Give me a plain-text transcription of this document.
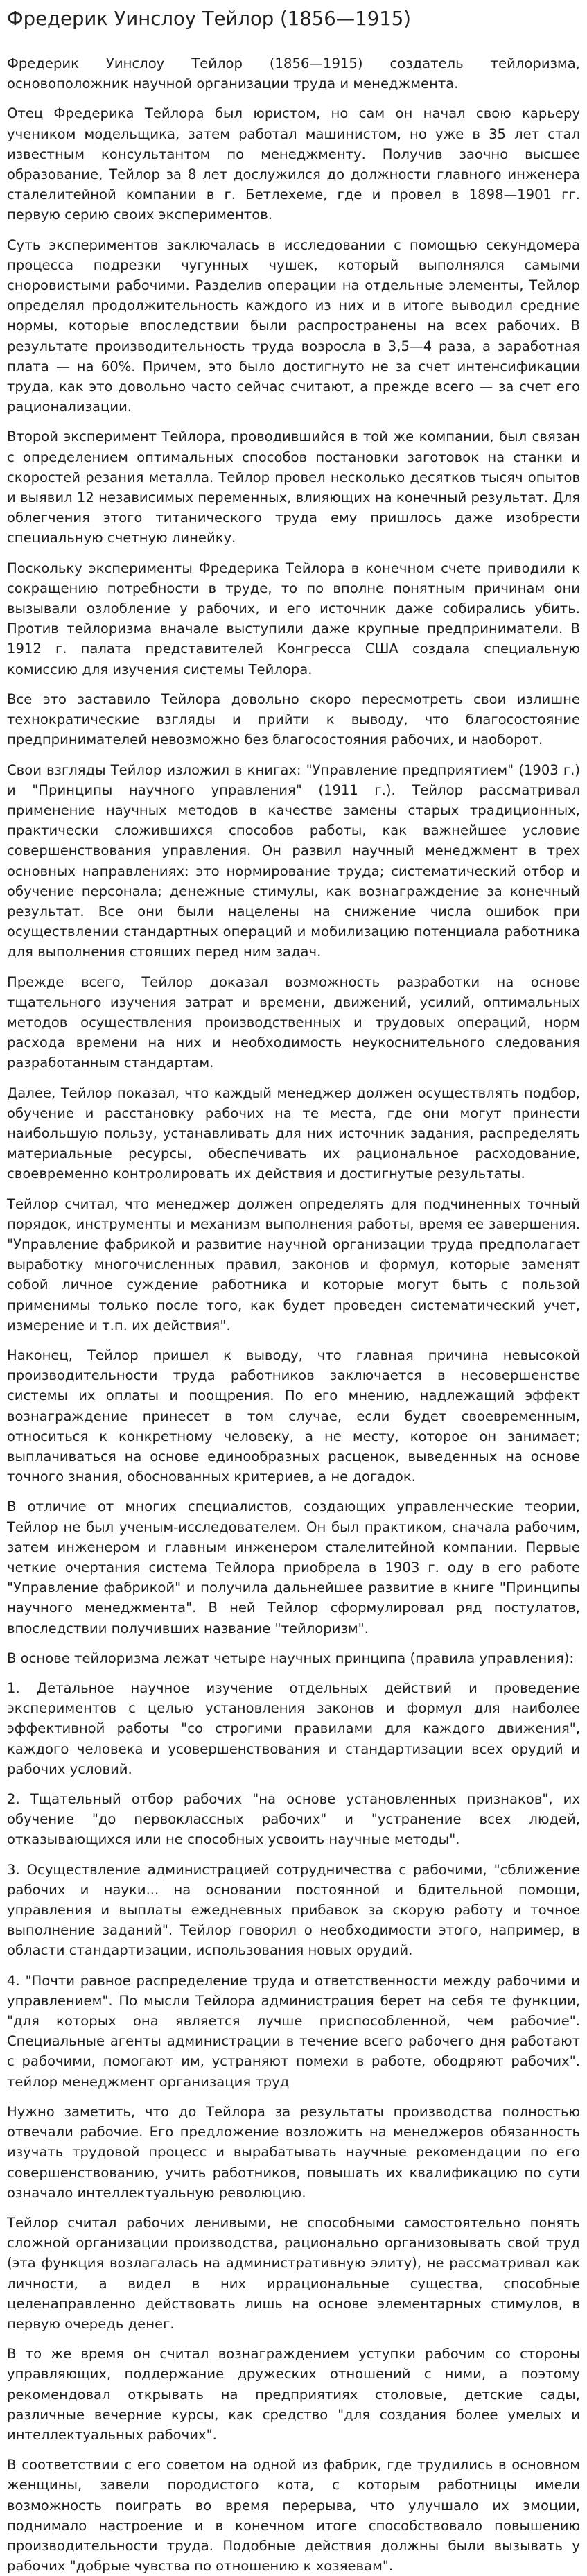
Фредерик Уинслоу Тейлор (1856—1915)

Фредерик Уинслоу Тейлор (1856—1915) создатель тейлоризма, основоположник научной организации труда и менеджмента.

Отец Фредерика Тейлора был юристом, но сам он начал свою карьеру учеником модельщика, затем работал машинистом, но уже в 35 лет стал известным консультантом по менеджменту. Получив заочно высшее образование, Тейлор за 8 лет дослужился до должности главного инженера сталелитейной компании в г. Бетлехеме, где и провел в 1898—1901 гг. первую серию своих экспериментов.

Суть экспериментов заключалась в исследовании с помощью секундомера процесса подрезки чугунных чушек, который выполнялся самыми сноровистыми рабочими. Разделив операции на отдельные элементы, Тейлор определял продолжительность каждого из них и в итоге выводил средние нормы, которые впоследствии были распространены на всех рабочих. В результате производительность труда возросла в 3,5—4 раза, а заработная плата — на 60%. Причем, это было достигнуто не за счет интенсификации труда, как это довольно часто сейчас считают, а прежде всего — за счет его рационализации.

Второй эксперимент Тейлора, проводившийся в той же компании, был связан с определением оптимальных способов постановки заготовок на станки и скоростей резания металла. Тейлор провел несколько десятков тысяч опытов и выявил 12 независимых переменных, влияющих на конечный результат. Для облегчения этого титанического труда ему пришлось даже изобрести специальную счетную линейку.

Поскольку эксперименты Фредерика Тейлора в конечном счете приводили к сокращению потребности в труде, то по вполне понятным причинам они вызывали озлобление у рабочих, и его источник даже собирались убить. Против тейлоризма вначале выступили даже крупные предприниматели. В 1912 г. палата представителей Конгресса США создала специальную комиссию для изучения системы Тейлора.

Все это заставило Тейлора довольно скоро пересмотреть свои излишне технократические взгляды и прийти к выводу, что благосостояние предпринимателей невозможно без благосостояния рабочих, и наоборот.

Свои взгляды Тейлор изложил в книгах: "Управление предприятием" (1903 г.) и "Принципы научного управления" (1911 г.). Тейлор рассматривал применение научных методов в качестве замены старых традиционных, практически сложившихся способов работы, как важнейшее условие совершенствования управления. Он развил научный менеджмент в трех основных направлениях: это нормирование труда; систематический отбор и обучение персонала; денежные стимулы, как вознаграждение за конечный результат. Все они были нацелены на снижение числа ошибок при осуществлении стандартных операций и мобилизацию потенциала работника для выполнения стоящих перед ним задач.

Прежде всего, Тейлор доказал возможность разработки на основе тщательного изучения затрат и времени, движений, усилий, оптимальных методов осуществления производственных и трудовых операций, норм расхода времени на них и необходимость неукоснительного следования разработанным стандартам.

Далее, Тейлор показал, что каждый менеджер должен осуществлять подбор, обучение и расстановку рабочих на те места, где они могут принести наибольшую пользу, устанавливать для них источник задания, распределять материальные ресурсы, обеспечивать их рациональное расходование, своевременно контролировать их действия и достигнутые результаты.

Тейлор считал, что менеджер должен определять для подчиненных точный порядок, инструменты и механизм выполнения работы, время ее завершения. "Управление фабрикой и развитие научной организации труда предполагает выработку многочисленных правил, законов и формул, которые заменят собой личное суждение работника и которые могут быть с пользой применимы только после того, как будет проведен систематический учет, измерение и т.п. их действия".

Наконец, Тейлор пришел к выводу, что главная причина невысокой производительности труда работников заключается в несовершенстве системы их оплаты и поощрения. По его мнению, надлежащий эффект вознаграждение принесет в том случае, если будет своевременным, относиться к конкретному человеку, а не месту, которое он занимает; выплачиваться на основе единообразных расценок, выведенных на основе точного знания, обоснованных критериев, а не догадок.

В отличие от многих специалистов, создающих управленческие теории, Тейлор не был ученым-исследователем. Он был практиком, сначала рабочим, затем инженером и главным инженером сталелитейной компании. Первые четкие очертания система Тейлора приобрела в 1903 г. оду в его работе "Управление фабрикой" и получила дальнейшее развитие в книге "Принципы научного менеджмента". В ней Тейлор сформулировал ряд постулатов, впоследствии получивших название "тейлоризм".

В основе тейлоризма лежат четыре научных принципа (правила управления):

1. Детальное научное изучение отдельных действий и проведение экспериментов с целью установления законов и формул для наиболее эффективной работы "со строгими правилами для каждого движения", каждого человека и усовершенствования и стандартизации всех орудий и рабочих условий.

2. Тщательный отбор рабочих "на основе установленных признаков", их обучение "до первоклассных рабочих" и "устранение всех людей, отказывающихся или не способных усвоить научные методы".

3. Осуществление администрацией сотрудничества с рабочими, "сближение рабочих и науки... на основании постоянной и бдительной помощи, управления и выплаты ежедневных прибавок за скорую работу и точное выполнение заданий". Тейлор говорил о необходимости этого, например, в области стандартизации, использования новых орудий.

4. "Почти равное распределение труда и ответственности между рабочими и управлением". По мысли Тейлора администрация берет на себя те функции, "для которых она является лучше приспособленной, чем рабочие". Специальные агенты администрации в течение всего рабочего дня работают с рабочими, помогают им, устраняют помехи в работе, ободряют рабочих". тейлор менеджмент организация труд

Нужно заметить, что до Тейлора за результаты производства полностью отвечали рабочие. Его предложение возложить на менеджеров обязанность изучать трудовой процесс и вырабатывать научные рекомендации по его совершенствованию, учить работников, повышать их квалификацию по сути означало интеллектуальную революцию.

Тейлор считал рабочих ленивыми, не способными самостоятельно понять сложной организации производства, рационально организовывать свой труд (эта функция возлагалась на административную элиту), не рассматривал как личности, а видел в них иррациональные существа, способные целенаправленно действовать лишь на основе элементарных стимулов, в первую очередь денег.

В то же время он считал вознаграждением уступки рабочим со стороны управляющих, поддержание дружеских отношений с ними, а поэтому рекомендовал открывать на предприятиях столовые, детские сады, различные вечерние курсы, как средство "для создания более умелых и интеллектуальных рабочих".

В соответствии с его советом на одной из фабрик, где трудились в основном женщины, завели породистого кота, с которым работницы имели возможность поиграть во время перерыва, что улучшало их эмоции, поднимало настроение и в конечном итоге способствовало повышению производительности труда. Подобные действия должны были вызывать у рабочих "добрые чувства по отношению к хозяевам".
